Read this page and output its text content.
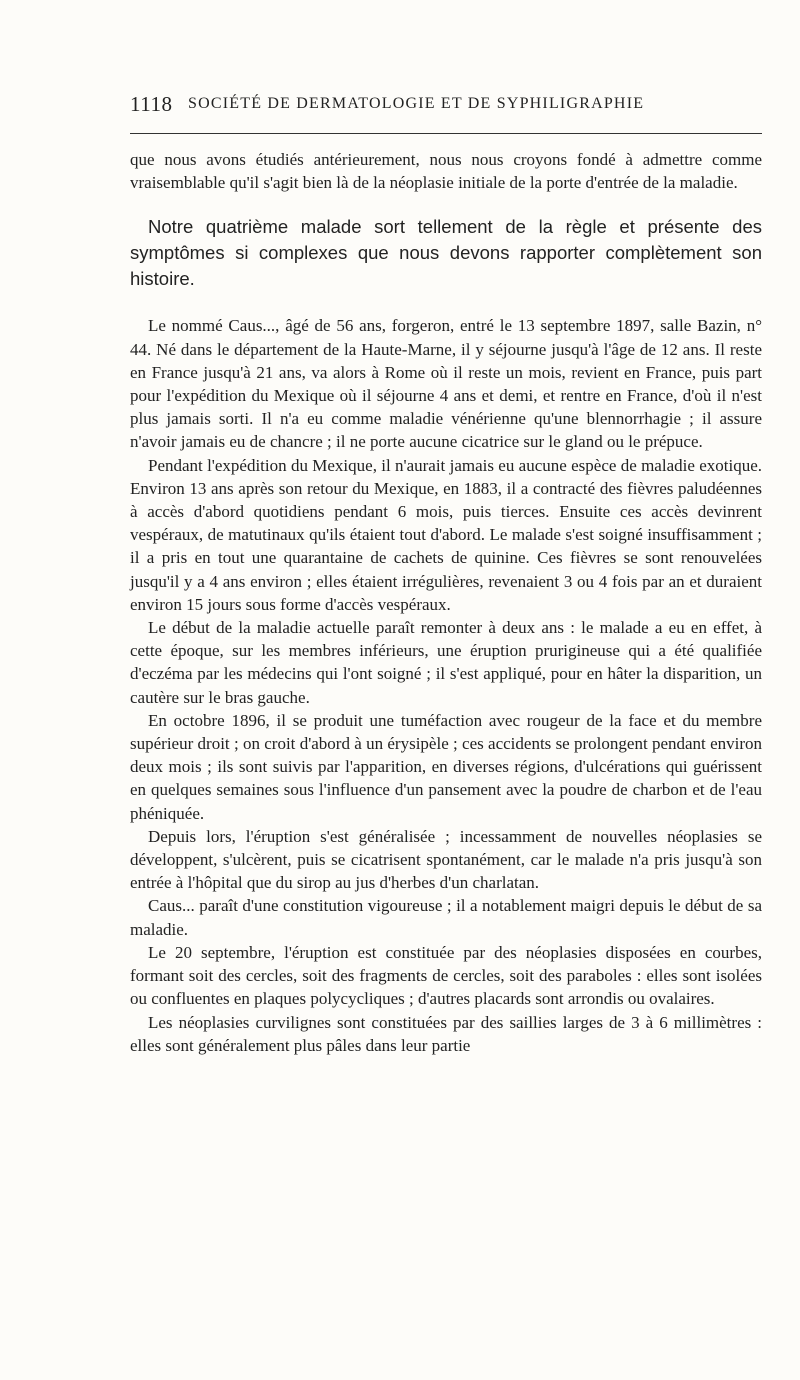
1118 SOCIÉTÉ DE DERMATOLOGIE ET DE SYPHILIGRAPHIE

que nous avons étudiés antérieurement, nous nous croyons fondé à admettre comme vraisemblable qu'il s'agit bien là de la néoplasie initiale de la porte d'entrée de la maladie.

Notre quatrième malade sort tellement de la règle et présente des symptômes si complexes que nous devons rapporter complètement son histoire.

Le nommé Caus..., âgé de 56 ans, forgeron, entré le 13 septembre 1897, salle Bazin, n° 44. Né dans le département de la Haute-Marne, il y séjourne jusqu'à l'âge de 12 ans. Il reste en France jusqu'à 21 ans, va alors à Rome où il reste un mois, revient en France, puis part pour l'expédition du Mexique où il séjourne 4 ans et demi, et rentre en France, d'où il n'est plus jamais sorti. Il n'a eu comme maladie vénérienne qu'une blennorrhagie ; il assure n'avoir jamais eu de chancre ; il ne porte aucune cicatrice sur le gland ou le prépuce.

Pendant l'expédition du Mexique, il n'aurait jamais eu aucune espèce de maladie exotique. Environ 13 ans après son retour du Mexique, en 1883, il a contracté des fièvres paludéennes à accès d'abord quotidiens pendant 6 mois, puis tierces. Ensuite ces accès devinrent vespéraux, de matutinaux qu'ils étaient tout d'abord. Le malade s'est soigné insuffisamment ; il a pris en tout une quarantaine de cachets de quinine. Ces fièvres se sont renouvelées jusqu'il y a 4 ans environ ; elles étaient irrégulières, revenaient 3 ou 4 fois par an et duraient environ 15 jours sous forme d'accès vespéraux.

Le début de la maladie actuelle paraît remonter à deux ans : le malade a eu en effet, à cette époque, sur les membres inférieurs, une éruption prurigineuse qui a été qualifiée d'eczéma par les médecins qui l'ont soigné ; il s'est appliqué, pour en hâter la disparition, un cautère sur le bras gauche.

En octobre 1896, il se produit une tuméfaction avec rougeur de la face et du membre supérieur droit ; on croit d'abord à un érysipèle ; ces accidents se prolongent pendant environ deux mois ; ils sont suivis par l'apparition, en diverses régions, d'ulcérations qui guérissent en quelques semaines sous l'influence d'un pansement avec la poudre de charbon et de l'eau phéniquée.

Depuis lors, l'éruption s'est généralisée ; incessamment de nouvelles néoplasies se développent, s'ulcèrent, puis se cicatrisent spontanément, car le malade n'a pris jusqu'à son entrée à l'hôpital que du sirop au jus d'herbes d'un charlatan.

Caus... paraît d'une constitution vigoureuse ; il a notablement maigri depuis le début de sa maladie.

Le 20 septembre, l'éruption est constituée par des néoplasies disposées en courbes, formant soit des cercles, soit des fragments de cercles, soit des paraboles : elles sont isolées ou confluentes en plaques polycycliques ; d'autres placards sont arrondis ou ovalaires.

Les néoplasies curvilignes sont constituées par des saillies larges de 3 à 6 millimètres : elles sont généralement plus pâles dans leur partie
